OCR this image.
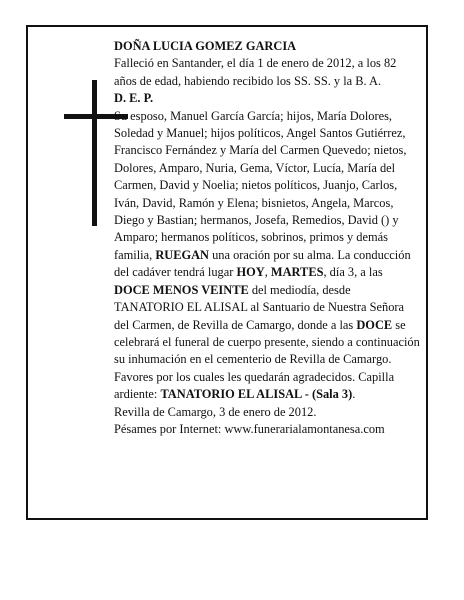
DOÑA LUCIA GOMEZ GARCIA

Falleció en Santander, el día 1 de enero de 2012, a los 82 años de edad, habiendo recibido los SS. SS. y la B. A.

D. E. P.

Su esposo, Manuel García García; hijos, María Dolores, Soledad y Manuel; hijos políticos, Angel Santos Gutiérrez, Francisco Fernández y María del Carmen Quevedo; nietos, Dolores, Amparo, Nuria, Gema, Víctor, Lucía, María del Carmen, David y Noelia; nietos políticos, Juanjo, Carlos, Iván, David, Ramón y Elena; bisnietos, Angela, Marcos, Diego y Bastian; hermanos, Josefa, Remedios, David () y Amparo; hermanos políticos, sobrinos, primos y demás familia, RUEGAN una oración por su alma. La conducción del cadáver tendrá lugar HOY, MARTES, día 3, a las DOCE MENOS VEINTE del mediodía, desde TANATORIO EL ALISAL al Santuario de Nuestra Señora del Carmen, de Revilla de Camargo, donde a las DOCE se celebrará el funeral de cuerpo presente, siendo a continuación su inhumación en el cementerio de Revilla de Camargo. Favores por los cuales les quedarán agradecidos. Capilla ardiente: TANATORIO EL ALISAL - (Sala 3).

Revilla de Camargo, 3 de enero de 2012.

Pésames por Internet: www.funerarialamontanesa.com
